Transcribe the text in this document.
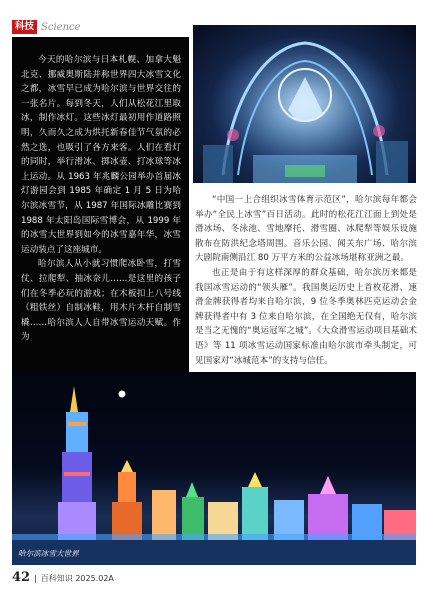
科技 Science

今天的哈尔滨与日本札幌、加拿大魁北克、挪威奥斯陆并称世界四大冰雪文化之都，冰雪早已成为哈尔滨与世界交往的一张名片。每到冬天，人们从松花江里取冰，制作冰灯。这些冰灯最初用作道路照明，久而久之成为烘托新春佳节气氛的必然之选，也吸引了各方来客。人们在看灯的同时，举行滑冰、掷冰壶、打冰球等冰上运动。从 1963 年兆麟公园举办首届冰灯游园会到 1985 年确定 1 月 5 日为哈尔滨冰雪节，从 1987 年国际冰雕比赛到 1988 年太阳岛国际雪博会，从 1999 年的冰雪大世界到如今的冰雪嘉年华，冰雪运动装点了这座城市。

哈尔滨人从小就习惯爬冰卧雪，打雪仗、拉爬犁、抽冰奈儿……是这里的孩子们在冬季必玩的游戏；在木板扣上八号线（粗铁丝）自制冰鞋，用木片木杆自制雪橇……哈尔滨人人自带冰雪运动天赋。作为

“中国一上合组织冰雪体育示范区”，哈尔滨每年都会举办“全民上冰雪”百日活动。此时的松花江江面上到处是滑冰场、冬泳池、雪地摩托、滑雪圈、冰爬犁等娱乐设施散布在防洪纪念塔周围。音乐公园、闻关东广场、哈尔滨大剧院南侧沿江 80 万平方米的公益冰场堪称亚洲之最。

也正是由于有这样深厚的群众基础，哈尔滨历来都是我国冰雪运动的“领头雁”。我国奥运历史上首枚花滑、速滑金牌获得者均来自哈尔滨，9 位冬季奥林匹克运动会金牌获得者中有 3 位来自哈尔滨，在全国绝无仅有，哈尔滨是当之无愧的“奥运冠军之城”。《大众滑雪运动项目基础术语》等 11 项冰雪运动国家标准由哈尔滨市牵头制定，可见国家对“冰城范本”的支持与信任。

哈尔滨冰雪大世界
42 | 百科知识 2025.02A
